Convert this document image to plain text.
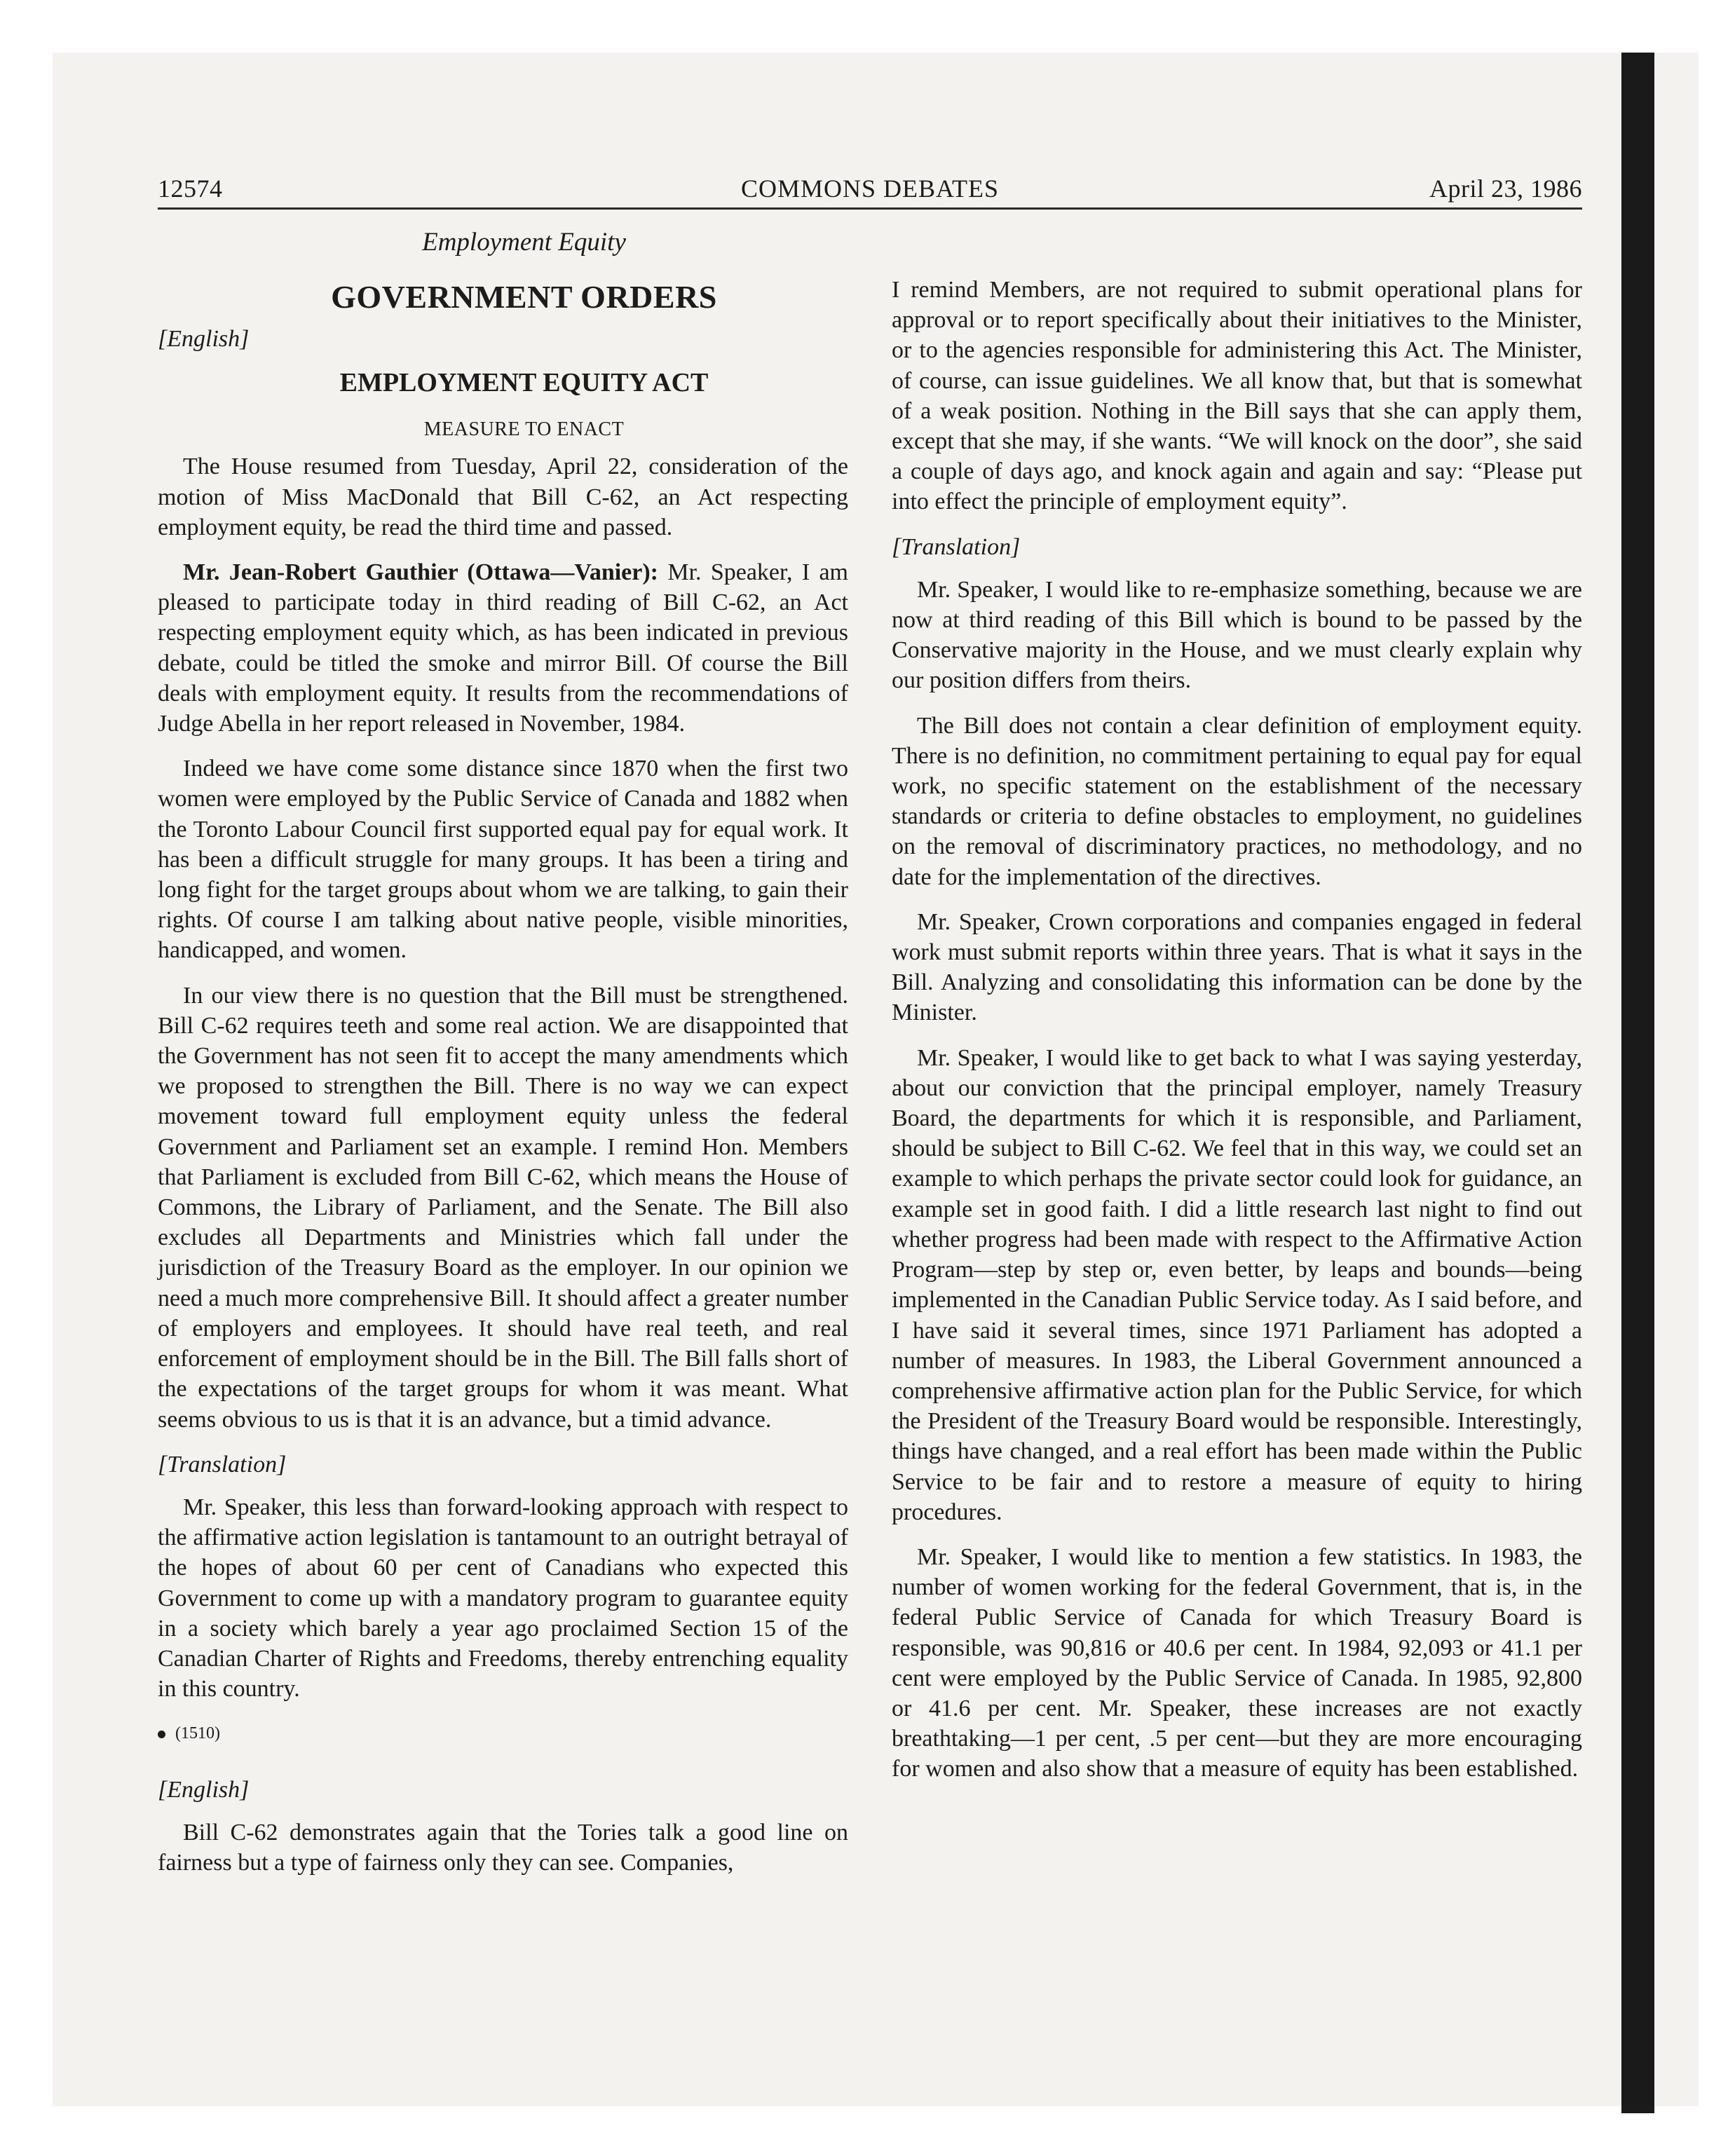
12574	COMMONS DEBATES	April 23, 1986
Employment Equity
GOVERNMENT ORDERS
[English]
EMPLOYMENT EQUITY ACT
MEASURE TO ENACT

The House resumed from Tuesday, April 22, consideration of the motion of Miss MacDonald that Bill C-62, an Act respecting employment equity, be read the third time and passed.

Mr. Jean-Robert Gauthier (Ottawa—Vanier): Mr. Speaker, I am pleased to participate today in third reading of Bill C-62, an Act respecting employment equity which, as has been indicated in previous debate, could be titled the smoke and mirror Bill. Of course the Bill deals with employment equity. It results from the recommendations of Judge Abella in her report released in November, 1984.

Indeed we have come some distance since 1870 when the first two women were employed by the Public Service of Canada and 1882 when the Toronto Labour Council first supported equal pay for equal work. It has been a difficult struggle for many groups. It has been a tiring and long fight for the target groups about whom we are talking, to gain their rights. Of course I am talking about native people, visible minorities, handicapped, and women.

In our view there is no question that the Bill must be strengthened. Bill C-62 requires teeth and some real action. We are disappointed that the Government has not seen fit to accept the many amendments which we proposed to strengthen the Bill. There is no way we can expect movement toward full employment equity unless the federal Government and Parliament set an example. I remind Hon. Members that Parliament is excluded from Bill C-62, which means the House of Commons, the Library of Parliament, and the Senate. The Bill also excludes all Departments and Ministries which fall under the jurisdiction of the Treasury Board as the employer. In our opinion we need a much more comprehensive Bill. It should affect a greater number of employers and employees. It should have real teeth, and real enforcement of employment should be in the Bill. The Bill falls short of the expectations of the target groups for whom it was meant. What seems obvious to us is that it is an advance, but a timid advance.

[Translation]

Mr. Speaker, this less than forward-looking approach with respect to the affirmative action legislation is tantamount to an outright betrayal of the hopes of about 60 per cent of Canadians who expected this Government to come up with a mandatory program to guarantee equity in a society which barely a year ago proclaimed Section 15 of the Canadian Charter of Rights and Freedoms, thereby entrenching equality in this country.

(1510)
[English]

Bill C-62 demonstrates again that the Tories talk a good line on fairness but a type of fairness only they can see. Companies,

I remind Members, are not required to submit operational plans for approval or to report specifically about their initiatives to the Minister, or to the agencies responsible for administering this Act. The Minister, of course, can issue guidelines. We all know that, but that is somewhat of a weak position. Nothing in the Bill says that she can apply them, except that she may, if she wants. “We will knock on the door”, she said a couple of days ago, and knock again and again and say: “Please put into effect the principle of employment equity”.

[Translation]

Mr. Speaker, I would like to re-emphasize something, because we are now at third reading of this Bill which is bound to be passed by the Conservative majority in the House, and we must clearly explain why our position differs from theirs.

The Bill does not contain a clear definition of employment equity. There is no definition, no commitment pertaining to equal pay for equal work, no specific statement on the establishment of the necessary standards or criteria to define obstacles to employment, no guidelines on the removal of discriminatory practices, no methodology, and no date for the implementation of the directives.

Mr. Speaker, Crown corporations and companies engaged in federal work must submit reports within three years. That is what it says in the Bill. Analyzing and consolidating this information can be done by the Minister.

Mr. Speaker, I would like to get back to what I was saying yesterday, about our conviction that the principal employer, namely Treasury Board, the departments for which it is responsible, and Parliament, should be subject to Bill C-62. We feel that in this way, we could set an example to which perhaps the private sector could look for guidance, an example set in good faith. I did a little research last night to find out whether progress had been made with respect to the Affirmative Action Program—step by step or, even better, by leaps and bounds—being implemented in the Canadian Public Service today. As I said before, and I have said it several times, since 1971 Parliament has adopted a number of measures. In 1983, the Liberal Government announced a comprehensive affirmative action plan for the Public Service, for which the President of the Treasury Board would be responsible. Interestingly, things have changed, and a real effort has been made within the Public Service to be fair and to restore a measure of equity to hiring procedures.

Mr. Speaker, I would like to mention a few statistics. In 1983, the number of women working for the federal Government, that is, in the federal Public Service of Canada for which Treasury Board is responsible, was 90,816 or 40.6 per cent. In 1984, 92,093 or 41.1 per cent were employed by the Public Service of Canada. In 1985, 92,800 or 41.6 per cent. Mr. Speaker, these increases are not exactly breathtaking—1 per cent, .5 per cent—but they are more encouraging for women and also show that a measure of equity has been established.
